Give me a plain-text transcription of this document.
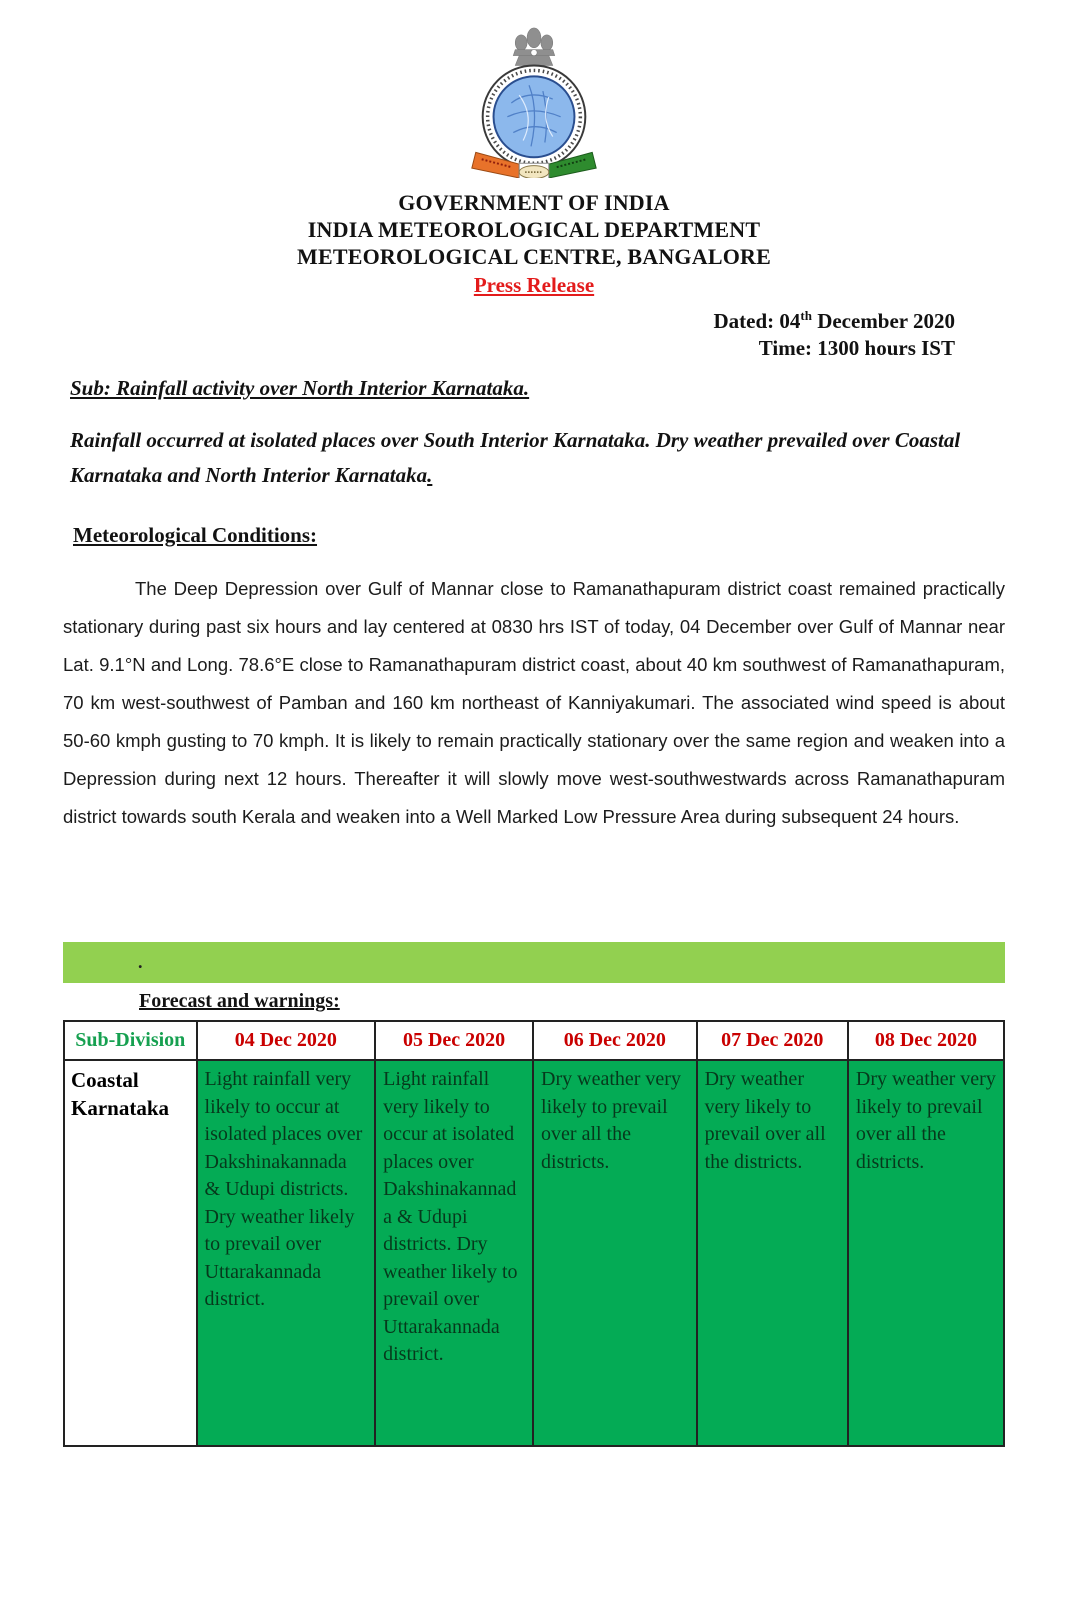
GOVERNMENT OF INDIA
INDIA METEOROLOGICAL DEPARTMENT
METEOROLOGICAL CENTRE, BANGALORE
Press Release
Dated: 04th December 2020
Time: 1300 hours IST
Sub: Rainfall activity over North Interior Karnataka.
Rainfall occurred at isolated places over South Interior Karnataka. Dry weather prevailed over Coastal Karnataka and North Interior Karnataka.
Meteorological Conditions:
The Deep Depression over Gulf of Mannar close to Ramanathapuram district coast remained practically stationary during past six hours and lay centered at 0830 hrs IST of today, 04 December over Gulf of Mannar near Lat. 9.1°N and Long. 78.6°E close to Ramanathapuram district coast, about 40 km southwest of Ramanathapuram, 70 km west-southwest of Pamban and 160 km northeast of Kanniyakumari. The associated wind speed is about 50-60 kmph gusting to 70 kmph. It is likely to remain practically stationary over the same region and weaken into a Depression during next 12 hours. Thereafter it will slowly move west-southwestwards across Ramanathapuram district towards south Kerala and weaken into a Well Marked Low Pressure Area during subsequent 24 hours.
.
Forecast and warnings:
Sub-Division	04 Dec 2020	05 Dec 2020	06 Dec 2020	07 Dec 2020	08 Dec 2020
Coastal Karnataka	Light rainfall very likely to occur at isolated places over Dakshinakannada & Udupi districts. Dry weather likely to prevail over Uttarakannada district.	Light rainfall very likely to occur at isolated places over Dakshinakannada & Udupi districts. Dry weather likely to prevail over Uttarakannada district.	Dry weather very likely to prevail over all the districts.	Dry weather very likely to prevail over all the districts.	Dry weather very likely to prevail over all the districts.
